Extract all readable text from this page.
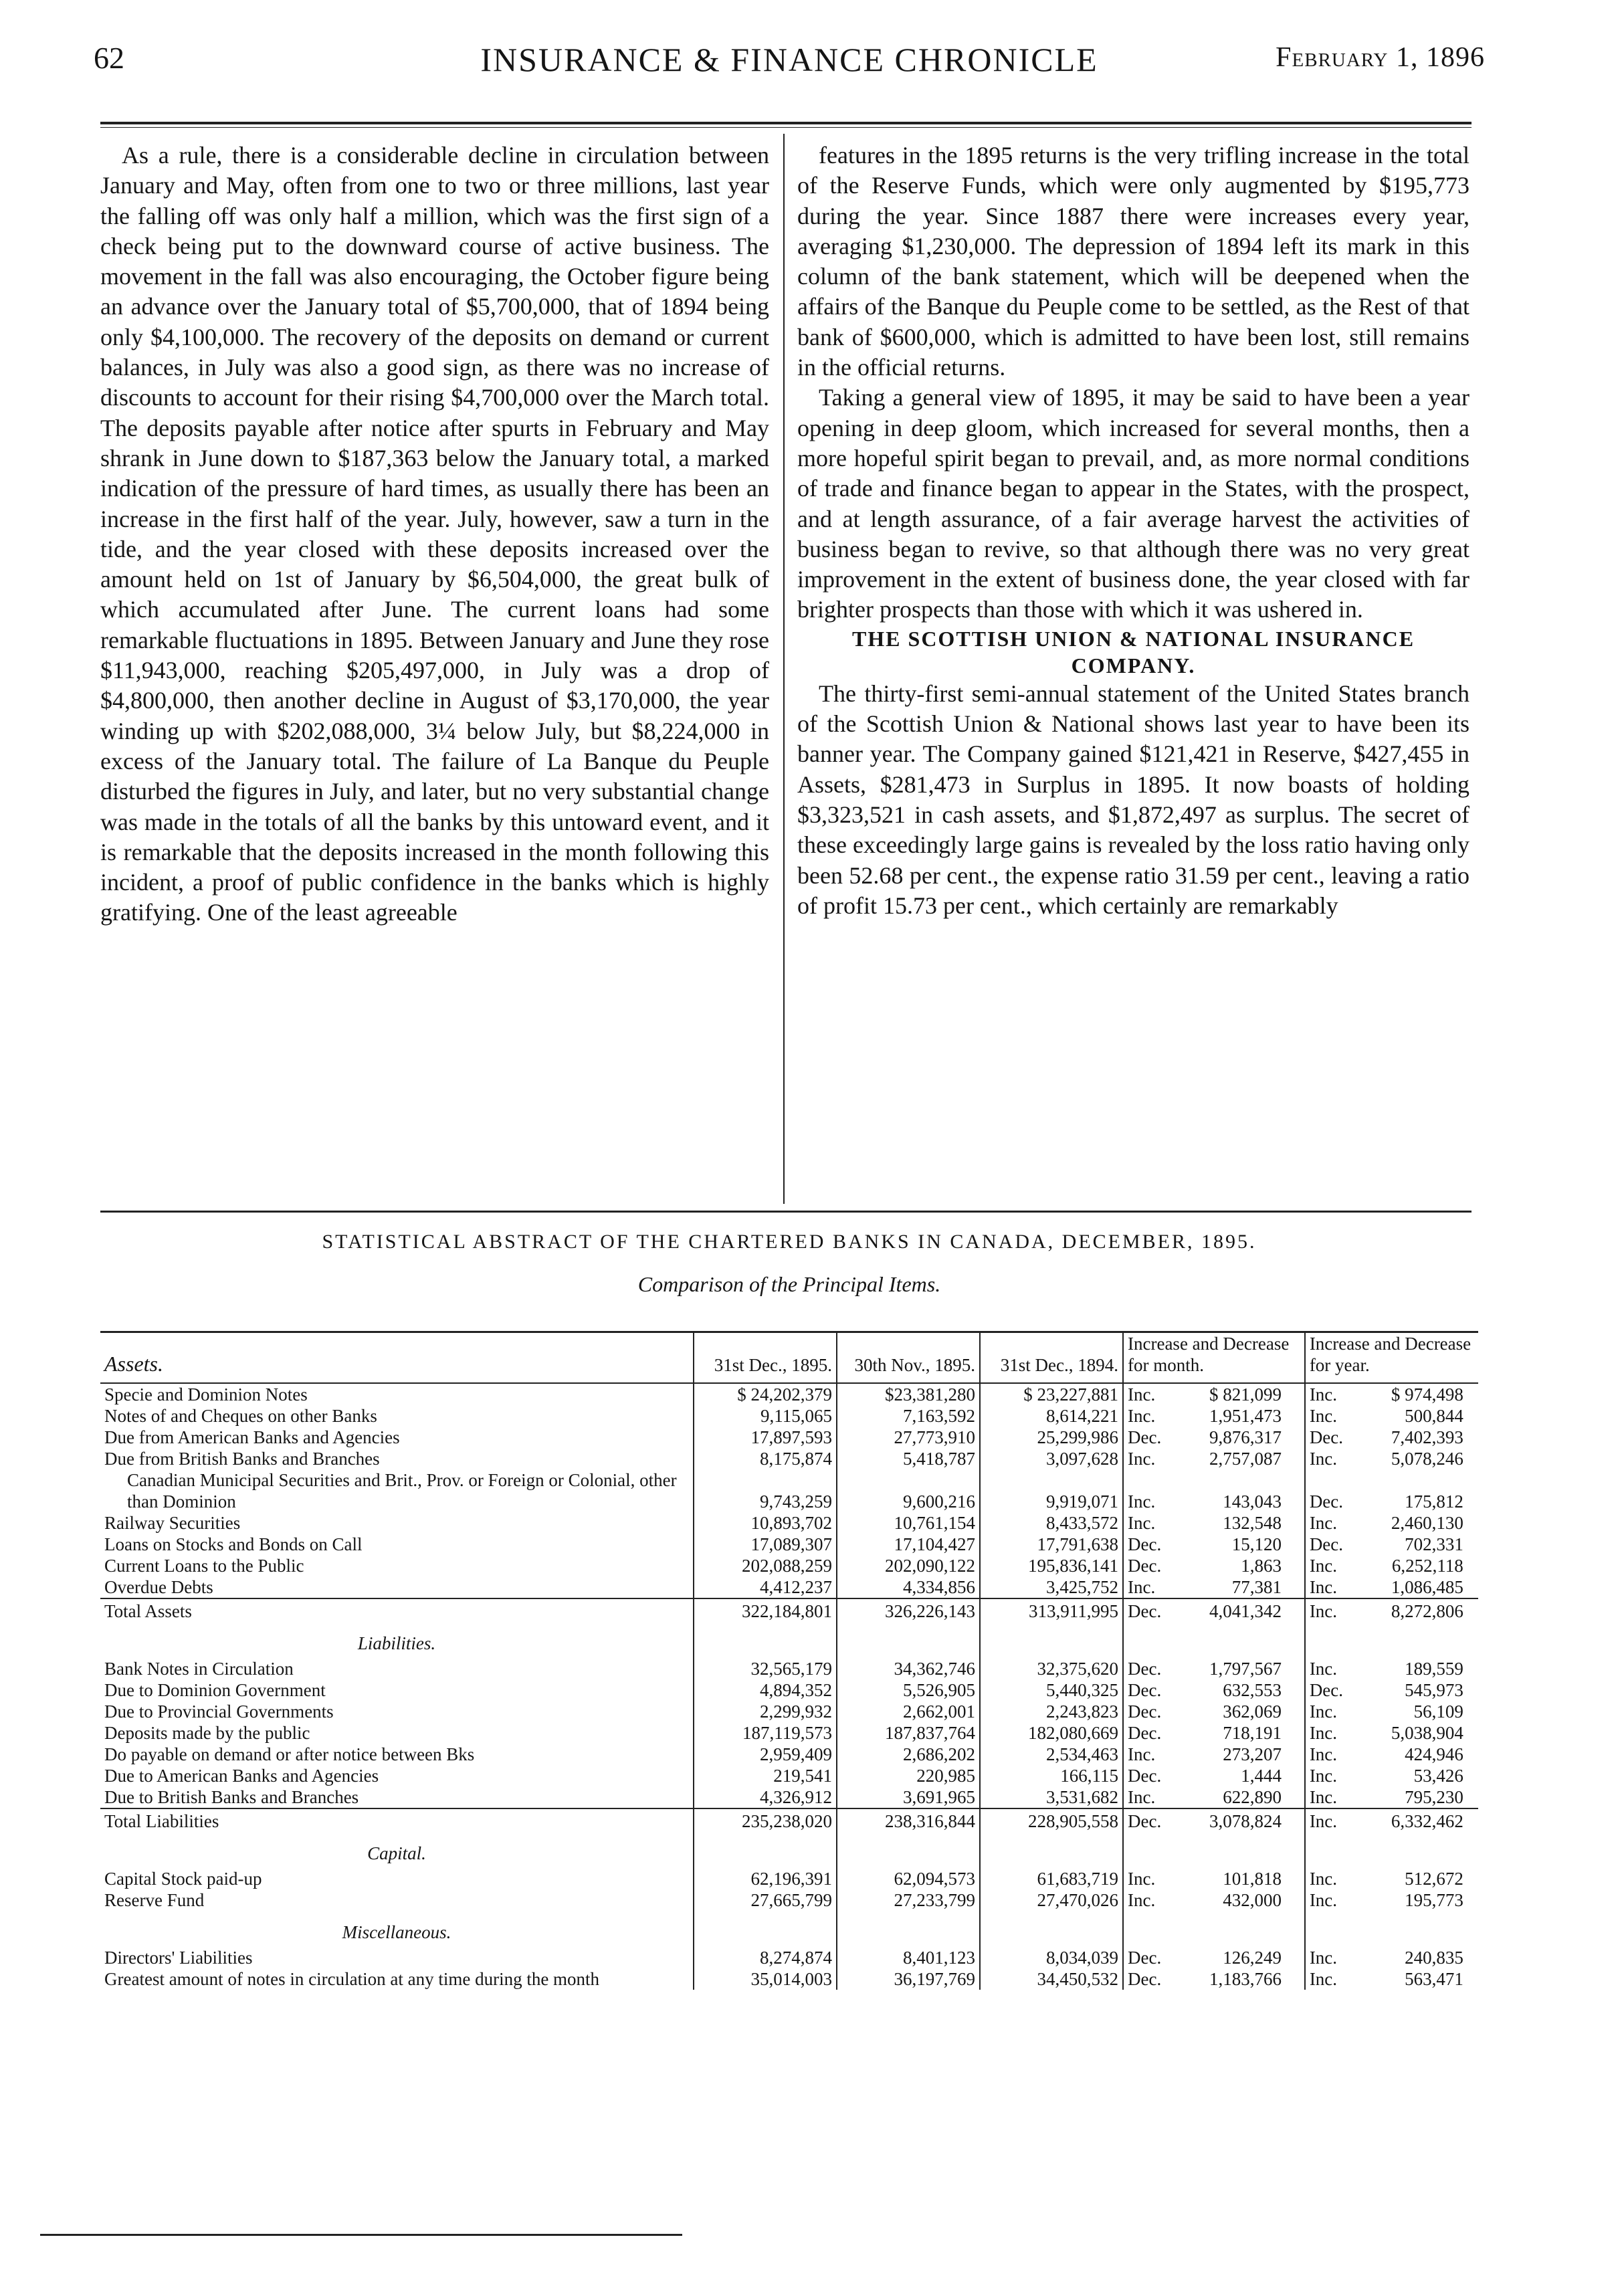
62	INSURANCE & FINANCE CHRONICLE	February 1, 1896

As a rule, there is a considerable decline in circulation between January and May, often from one to two or three millions, last year the falling off was only half a million, which was the first sign of a check being put to the downward course of active business. The movement in the fall was also encouraging, the October figure being an advance over the January total of $5,700,000, that of 1894 being only $4,100,000. The recovery of the deposits on demand or current balances, in July was also a good sign, as there was no increase of discounts to account for their rising $4,700,000 over the March total. The deposits payable after notice after spurts in February and May shrank in June down to $187,363 below the January total, a marked indication of the pressure of hard times, as usually there has been an increase in the first half of the year. July, however, saw a turn in the tide, and the year closed with these deposits increased over the amount held on 1st of January by $6,504,000, the great bulk of which accumulated after June. The current loans had some remarkable fluctuations in 1895. Between January and June they rose $11,943,000, reaching $205,497,000, in July was a drop of $4,800,000, then another decline in August of $3,170,000, the year winding up with $202,088,000, 3¼ below July, but $8,224,000 in excess of the January total. The failure of La Banque du Peuple disturbed the figures in July, and later, but no very substantial change was made in the totals of all the banks by this untoward event, and it is remarkable that the deposits increased in the month following this incident, a proof of public confidence in the banks which is highly gratifying. One of the least agreeable

features in the 1895 returns is the very trifling increase in the total of the Reserve Funds, which were only augmented by $195,773 during the year. Since 1887 there were increases every year, averaging $1,230,000. The depression of 1894 left its mark in this column of the bank statement, which will be deepened when the affairs of the Banque du Peuple come to be settled, as the Rest of that bank of $600,000, which is admitted to have been lost, still remains in the official returns.

Taking a general view of 1895, it may be said to have been a year opening in deep gloom, which increased for several months, then a more hopeful spirit began to prevail, and, as more normal conditions of trade and finance began to appear in the States, with the prospect, and at length assurance, of a fair average harvest the activities of business began to revive, so that although there was no very great improvement in the extent of business done, the year closed with far brighter prospects than those with which it was ushered in.

THE SCOTTISH UNION & NATIONAL INSURANCE COMPANY.

The thirty-first semi-annual statement of the United States branch of the Scottish Union & National shows last year to have been its banner year. The Company gained $121,421 in Reserve, $427,455 in Assets, $281,473 in Surplus in 1895. It now boasts of holding $3,323,521 in cash assets, and $1,872,497 as surplus. The secret of these exceedingly large gains is revealed by the loss ratio having only been 52.68 per cent., the expense ratio 31.59 per cent., leaving a ratio of profit 15.73 per cent., which certainly are remarkably

STATISTICAL ABSTRACT OF THE CHARTERED BANKS IN CANADA, DECEMBER, 1895.
Comparison of the Principal Items.
Assets.	31st Dec., 1895.	30th Nov., 1895.	31st Dec., 1894.	Increase and Decrease for month.	Increase and Decrease for year.
Specie and Dominion Notes	$ 24,202,379	$23,381,280	$ 23,227,881	Inc. $ 821,099	Inc. $ 974,498
Notes of and Cheques on other Banks	9,115,065	7,163,592	8,614,221	Inc. 1,951,473	Inc. 500,844
Due from American Banks and Agencies	17,897,593	27,773,910	25,299,986	Dec. 9,876,317	Dec. 7,402,393
Due from British Banks and Branches	8,175,874	5,418,787	3,097,628	Inc. 2,757,087	Inc. 5,078,246
Canadian Municipal Securities and Brit., Prov. or Foreign or Colonial, other than Dominion	9,743,259	9,600,216	9,919,071	Inc. 143,043	Dec. 175,812
Railway Securities	10,893,702	10,761,154	8,433,572	Inc. 132,548	Inc. 2,460,130
Loans on Stocks and Bonds on Call	17,089,307	17,104,427	17,791,638	Dec. 15,120	Dec. 702,331
Current Loans to the Public	202,088,259	202,090,122	195,836,141	Dec. 1,863	Inc. 6,252,118
Overdue Debts	4,412,237	4,334,856	3,425,752	Inc. 77,381	Inc. 1,086,485
Total Assets	322,184,801	326,226,143	313,911,995	Dec. 4,041,342	Inc. 8,272,806
Liabilities.					
Bank Notes in Circulation	32,565,179	34,362,746	32,375,620	Dec. 1,797,567	Inc. 189,559
Due to Dominion Government	4,894,352	5,526,905	5,440,325	Dec. 632,553	Dec. 545,973
Due to Provincial Governments	2,299,932	2,662,001	2,243,823	Dec. 362,069	Inc. 56,109
Deposits made by the public	187,119,573	187,837,764	182,080,669	Dec. 718,191	Inc. 5,038,904
Do payable on demand or after notice between Bks	2,959,409	2,686,202	2,534,463	Inc. 273,207	Inc. 424,946
Due to American Banks and Agencies	219,541	220,985	166,115	Dec. 1,444	Inc. 53,426
Due to British Banks and Branches	4,326,912	3,691,965	3,531,682	Inc. 622,890	Inc. 795,230
Total Liabilities	235,238,020	238,316,844	228,905,558	Dec. 3,078,824	Inc. 6,332,462
Capital.					
Capital Stock paid-up	62,196,391	62,094,573	61,683,719	Inc. 101,818	Inc. 512,672
Reserve Fund	27,665,799	27,233,799	27,470,026	Inc. 432,000	Inc. 195,773
Miscellaneous.					
Directors' Liabilities	8,274,874	8,401,123	8,034,039	Dec. 126,249	Inc. 240,835
Greatest amount of notes in circulation at any time during the month	35,014,003	36,197,769	34,450,532	Dec. 1,183,766	Inc. 563,471
